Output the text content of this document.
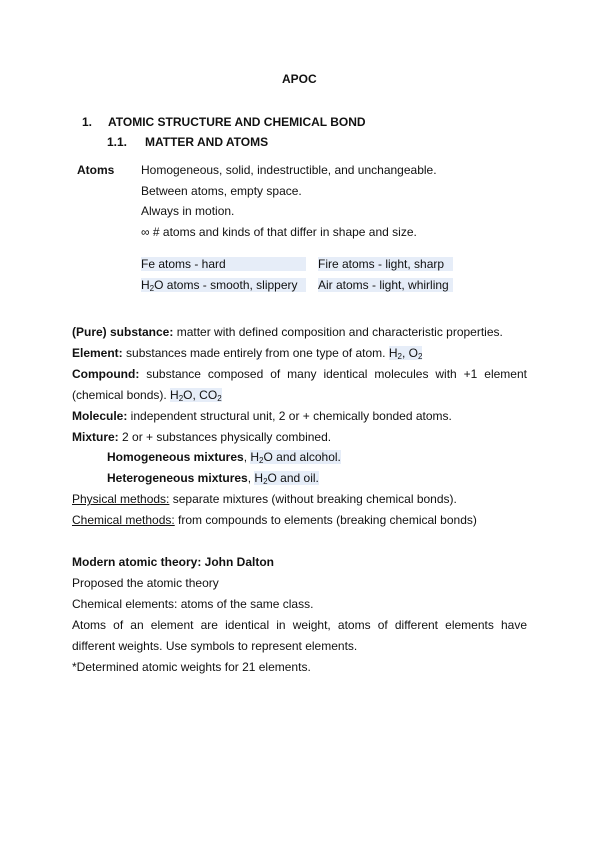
APOC
1. ATOMIC STRUCTURE AND CHEMICAL BOND
1.1. MATTER AND ATOMS
Atoms Homogeneous, solid, indestructible, and unchangeable.
Between atoms, empty space.
Always in motion.
∞ # atoms and kinds of that differ in shape and size.
Fe atoms - hard	Fire atoms - light, sharp
$H_2O$ atoms - smooth, slippery	Air atoms - light, whirling
(Pure) substance: matter with defined composition and characteristic properties.
Element: substances made entirely from one type of atom. $H_2$, $O_2$
Compound: substance composed of many identical molecules with +1 element
(chemical bonds). $H_2O$, $CO_2$
Molecule: independent structural unit, 2 or + chemically bonded atoms.
Mixture: 2 or + substances physically combined.
Homogeneous mixtures, $H_2O$ and alcohol.
Heterogeneous mixtures, $H_2O$ and oil.
Physical methods: separate mixtures (without breaking chemical bonds).
Chemical methods: from compounds to elements (breaking chemical bonds)
Modern atomic theory: John Dalton
Proposed the atomic theory
Chemical elements: atoms of the same class.
Atoms of an element are identical in weight, atoms of different elements have
different weights. Use symbols to represent elements.
*Determined atomic weights for 21 elements.
